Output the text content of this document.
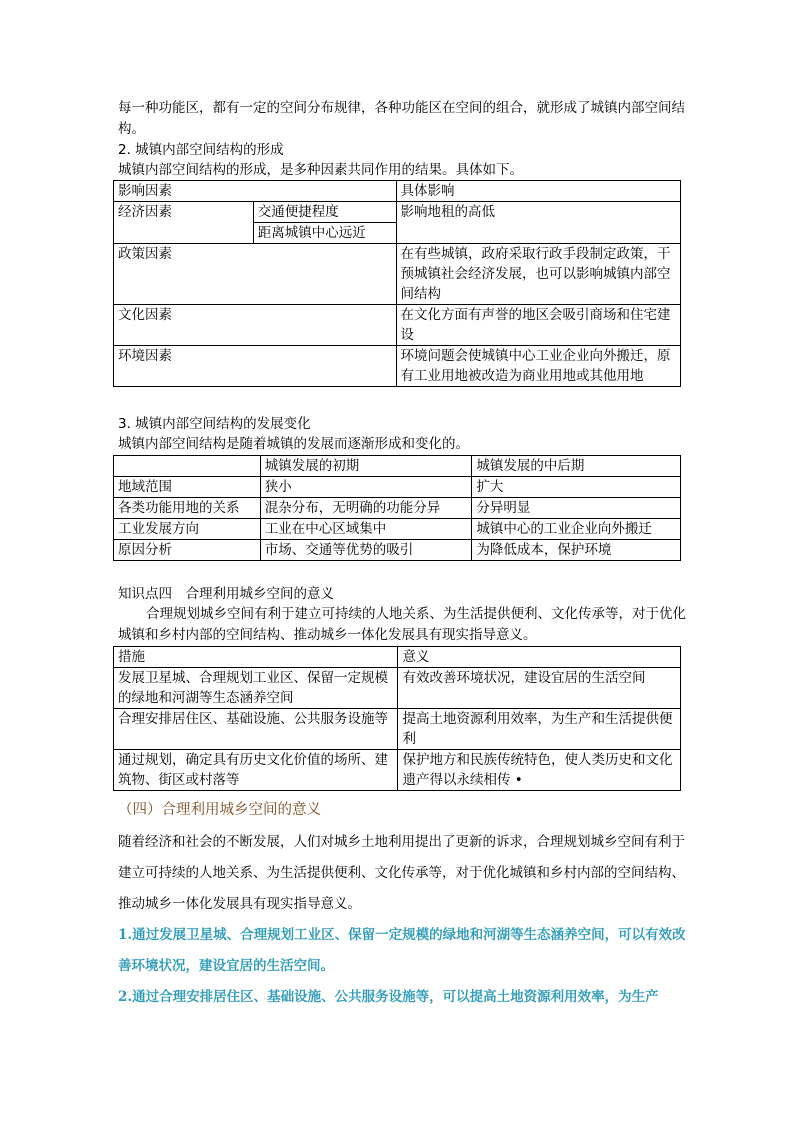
每一种功能区，都有一定的空间分布规律，各种功能区在空间的组合，就形成了城镇内部空间结构。

2. 城镇内部空间结构的形成

城镇内部空间结构的形成，是多种因素共同作用的结果。具体如下。

影响因素		具体影响
经济因素	交通便捷程度	影响地租的高低
	距离城镇中心远近	
政策因素		在有些城镇，政府采取行政手段制定政策，干预城镇社会经济发展，也可以影响城镇内部空间结构
文化因素		在文化方面有声誉的地区会吸引商场和住宅建设
环境因素		环境问题会使城镇中心工业企业向外搬迁，原有工业用地被改造为商业用地或其他用地

3. 城镇内部空间结构的发展变化

城镇内部空间结构是随着城镇的发展而逐渐形成和变化的。

	城镇发展的初期	城镇发展的中后期
地域范围	狭小	扩大
各类功能用地的关系	混杂分布，无明确的功能分异	分异明显
工业发展方向	工业在中心区域集中	城镇中心的工业企业向外搬迁
原因分析	市场、交通等优势的吸引	为降低成本，保护环境

知识点四　合理利用城乡空间的意义

合理规划城乡空间有利于建立可持续的人地关系、为生活提供便利、文化传承等，对于优化城镇和乡村内部的空间结构、推动城乡一体化发展具有现实指导意义。

措施	意义
发展卫星城、合理规划工业区、保留一定规模的绿地和河湖等生态涵养空间	有效改善环境状况，建设宜居的生活空间
合理安排居住区、基础设施、公共服务设施等	提高土地资源利用效率，为生产和生活提供便利
通过规划，确定具有历史文化价值的场所、建筑物、街区或村落等	保护地方和民族传统特色，使人类历史和文化遗产得以永续相传 •

（四）合理利用城乡空间的意义

随着经济和社会的不断发展，人们对城乡土地利用提出了更新的诉求，合理规划城乡空间有利于建立可持续的人地关系、为生活提供便利、文化传承等，对于优化城镇和乡村内部的空间结构、推动城乡一体化发展具有现实指导意义。

1.通过发展卫星城、合理规划工业区、保留一定规模的绿地和河湖等生态涵养空间，可以有效改善环境状况，建设宜居的生活空间。

2.通过合理安排居住区、基础设施、公共服务设施等，可以提高土地资源利用效率，为生产
